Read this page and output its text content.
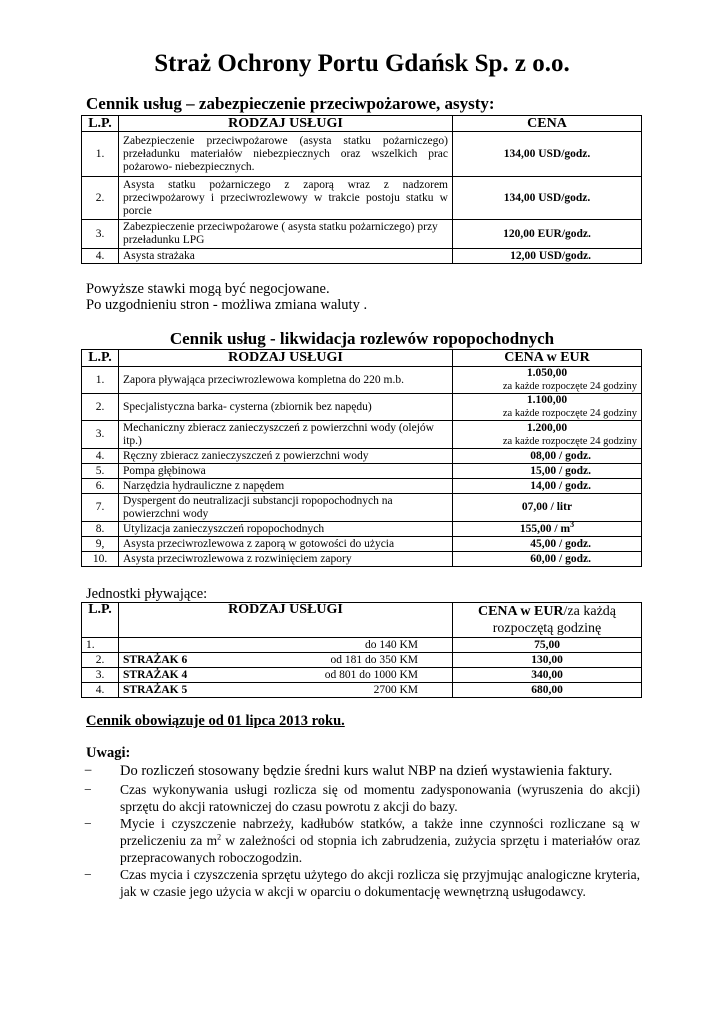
Straż Ochrony Portu Gdańsk Sp. z o.o.
Cennik usług – zabezpieczenie przeciwpożarowe, asysty:
L.P.	RODZAJ USŁUGI	CENA
1.	Zabezpieczenie przeciwpożarowe (asysta statku pożarniczego) przeładunku materiałów niebezpiecznych oraz wszelkich prac pożarowo- niebezpiecznych.	134,00 USD/godz.
2.	Asysta statku pożarniczego z zaporą wraz z nadzorem przeciwpożarowy i przeciwrozlewowy w trakcie postoju statku w porcie	134,00 USD/godz.
3.	Zabezpieczenie przeciwpożarowe ( asysta statku pożarniczego) przy przeładunku LPG	120,00 EUR/godz.
4.	Asysta strażaka	12,00 USD/godz.
Powyższe stawki mogą być negocjowane.
Po uzgodnieniu stron - możliwa zmiana waluty .
Cennik usług - likwidacja rozlewów ropopochodnych
L.P.	RODZAJ USŁUGI	CENA w EUR
1.	Zapora pływająca przeciwrozlewowa kompletna do 220 m.b.	1.050,00
za każde rozpoczęte 24 godziny

2.	Specjalistyczna barka- cysterna (zbiornik bez napędu)	1.100,00
za każde rozpoczęte 24 godziny

3.	Mechaniczny zbieracz zanieczyszczeń z powierzchni wody (olejów itp.)	1.200,00
za każde rozpoczęte 24 godziny

4.	Ręczny zbieracz zanieczyszczeń z powierzchni wody	08,00 / godz.
5.	Pompa głębinowa	15,00 / godz.
6.	Narzędzia hydrauliczne z napędem	14,00 / godz.
7.	Dyspergent do neutralizacji substancji ropopochodnych na powierzchni wody	07,00 / litr
8.	Utylizacja zanieczyszczeń ropopochodnych	$155,00 / m^3$
9,	Asysta przeciwrozlewowa z zaporą w gotowości do użycia	45,00 / godz.
10.	Asysta przeciwrozlewowa z rozwinięciem zapory	60,00 / godz.
Jednostki pływające:
L.P.	RODZAJ USŁUGI	CENA w EUR/za każdą rozpoczętą godzinę
1.	do 140 KM	75,00
2.	STRAŻAK 6 od 181 do 350 KM	130,00
3.	STRAŻAK 4 od 801 do 1000 KM	340,00
4.	STRAŻAK 5 2700 KM	680,00
Cennik obowiązuje od 01 lipca 2013 roku.
Uwagi:
− Do rozliczeń stosowany będzie średni kurs walut NBP na dzień wystawienia faktury.
− Czas wykonywania usługi rozlicza się od momentu zadysponowania (wyruszenia do akcji) sprzętu do akcji ratowniczej do czasu powrotu z akcji do bazy.
− Mycie i czyszczenie nabrzeży, kadłubów statków, a także inne czynności rozliczane są w przeliczeniu za $m^2$ w zależności od stopnia ich zabrudzenia, zużycia sprzętu i materiałów oraz przepracowanych roboczogodzin.
− Czas mycia i czyszczenia sprzętu użytego do akcji rozlicza się przyjmując analogiczne kryteria, jak w czasie jego użycia w akcji w oparciu o dokumentację wewnętrzną usługodawcy.
